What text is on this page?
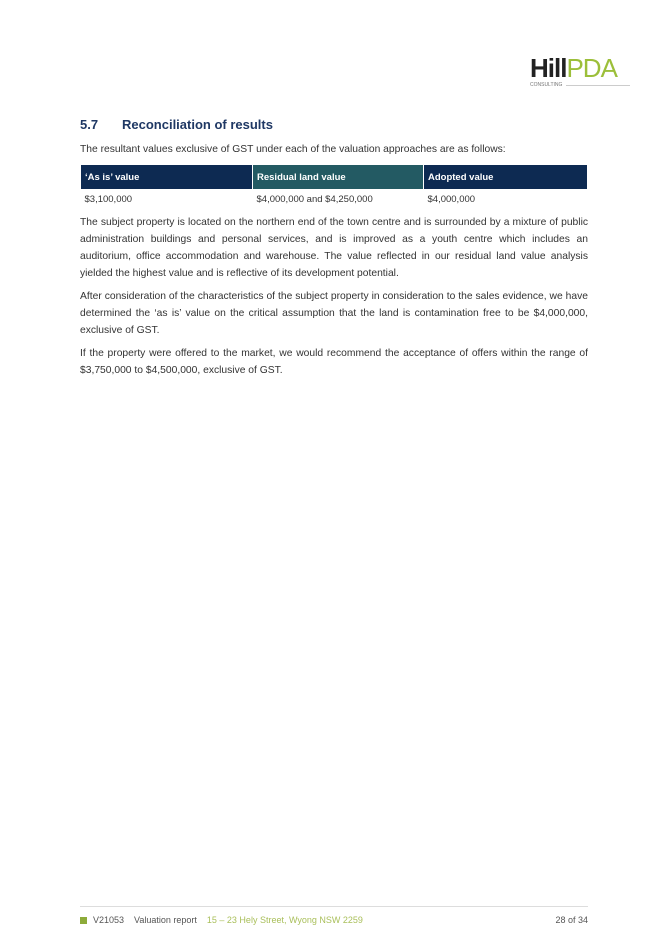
Hill PDA
CONSULTING
5.7 Reconciliation of results

The resultant values exclusive of GST under each of the valuation approaches are as follows:

‘As is’ value	Residual land value	Adopted value
$3,100,000	$4,000,000 and $4,250,000	$4,000,000

The subject property is located on the northern end of the town centre and is surrounded by a mixture of public administration buildings and personal services, and is improved as a youth centre which includes an auditorium, office accommodation and warehouse. The value reflected in our residual land value analysis yielded the highest value and is reflective of its development potential.

After consideration of the characteristics of the subject property in consideration to the sales evidence, we have determined the ‘as is’ value on the critical assumption that the land is contamination free to be $4,000,000, exclusive of GST.

If the property were offered to the market, we would recommend the acceptance of offers within the range of $3,750,000 to $4,500,000, exclusive of GST.

V21053 Valuation report 15 – 23 Hely Street, Wyong NSW 2259	28 of 34
